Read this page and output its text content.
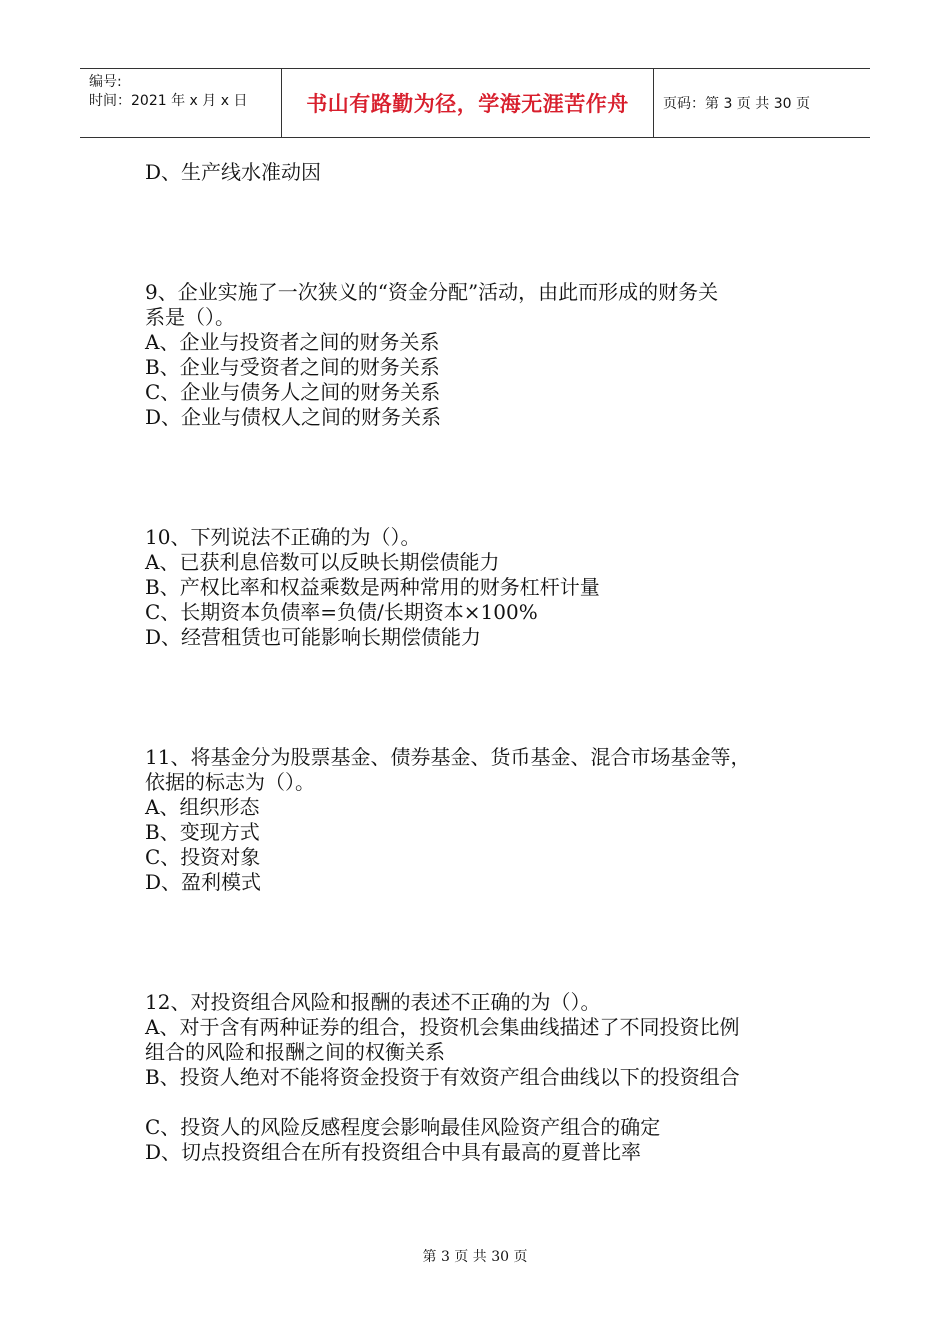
编号:
时间：2021 年 x 月 x 日	书山有路勤为径，学海无涯苦作舟	页码：第 3 页 共 30 页

D、生产线水准动因

9、企业实施了一次狭义的“资金分配”活动，由此而形成的财务关

系是（）。

A、企业与投资者之间的财务关系

B、企业与受资者之间的财务关系

C、企业与债务人之间的财务关系

D、企业与债权人之间的财务关系

10、下列说法不正确的为（）。

A、已获利息倍数可以反映长期偿债能力

B、产权比率和权益乘数是两种常用的财务杠杆计量

C、长期资本负债率=负债/长期资本×100%

D、经营租赁也可能影响长期偿债能力

11、将基金分为股票基金、债券基金、货币基金、混合市场基金等，

依据的标志为（）。

A、组织形态

B、变现方式

C、投资对象

D、盈利模式

12、对投资组合风险和报酬的表述不正确的为（）。

A、对于含有两种证券的组合，投资机会集曲线描述了不同投资比例

组合的风险和报酬之间的权衡关系

B、投资人绝对不能将资金投资于有效资产组合曲线以下的投资组合

C、投资人的风险反感程度会影响最佳风险资产组合的确定

D、切点投资组合在所有投资组合中具有最高的夏普比率

第 3 页 共 30 页
